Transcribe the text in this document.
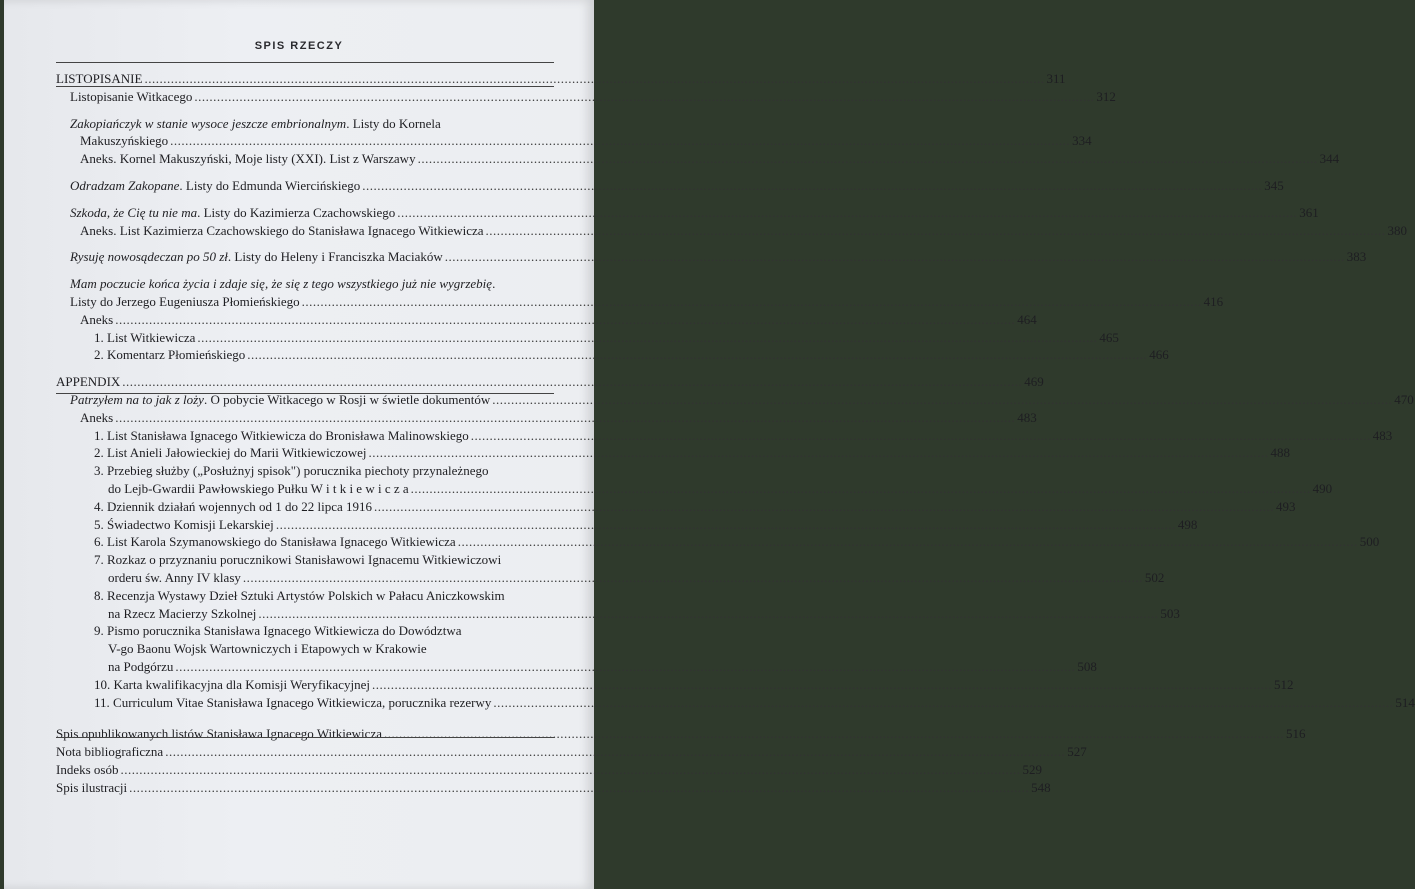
SPIS RZECZY
LISTOPISANIE .....	311
Listopisanie Witkacego .....	312
Zakopiańczyk w stanie wysoce jeszcze embrionalnym. Listy do Kornela
Makuszyńskiego .....	334
Aneks. Kornel Makuszyński, Moje listy (XXI). List z Warszawy .....	344
Odradzam Zakopane. Listy do Edmunda Wiercińskiego .....	345
Szkoda, że Cię tu nie ma. Listy do Kazimierza Czachowskiego .....	361
Aneks. List Kazimierza Czachowskiego do Stanisława Ignacego Witkiewicza .....	380
Rysuję nowosądeczan po 50 zł. Listy do Heleny i Franciszka Maciaków .....	383
Mam poczucie końca życia i zdaje się, że się z tego wszystkiego już nie wygrzebię.
Listy do Jerzego Eugeniusza Płomieńskiego .....	416
Aneks .....	464
1. List Witkiewicza .....	465
2. Komentarz Płomieńskiego .....	466
APPENDIX .....	469
Patrzyłem na to jak z loży. O pobycie Witkacego w Rosji w świetle dokumentów .....	470
Aneks .....	483
1. List Stanisława Ignacego Witkiewicza do Bronisława Malinowskiego .....	483
2. List Anieli Jałowieckiej do Marii Witkiewiczowej .....	488
3. Przebieg służby („Posłużnyj spisok") porucznika piechoty przynależnego
do Lejb-Gwardii Pawłowskiego Pułku W i t k i e w i c z a .....	490
4. Dziennik działań wojennych od 1 do 22 lipca 1916 .....	493
5. Świadectwo Komisji Lekarskiej .....	498
6. List Karola Szymanowskiego do Stanisława Ignacego Witkiewicza .....	500
7. Rozkaz o przyznaniu porucznikowi Stanisławowi Ignacemu Witkiewiczowi
orderu św. Anny IV klasy .....	502
8. Recenzja Wystawy Dzieł Sztuki Artystów Polskich w Pałacu Aniczkowskim
na Rzecz Macierzy Szkolnej .....	503
9. Pismo porucznika Stanisława Ignacego Witkiewicza do Dowództwa
V-go Baonu Wojsk Wartowniczych i Etapowych w Krakowie
na Podgórzu .....	508
10. Karta kwalifikacyjna dla Komisji Weryfikacyjnej .....	512
11. Curriculum Vitae Stanisława Ignacego Witkiewicza, porucznika rezerwy .....	514
Spis opublikowanych listów Stanisława Ignacego Witkiewicza .....	516
Nota bibliograficzna .....	527
Indeks osób .....	529
Spis ilustracji .....	548
